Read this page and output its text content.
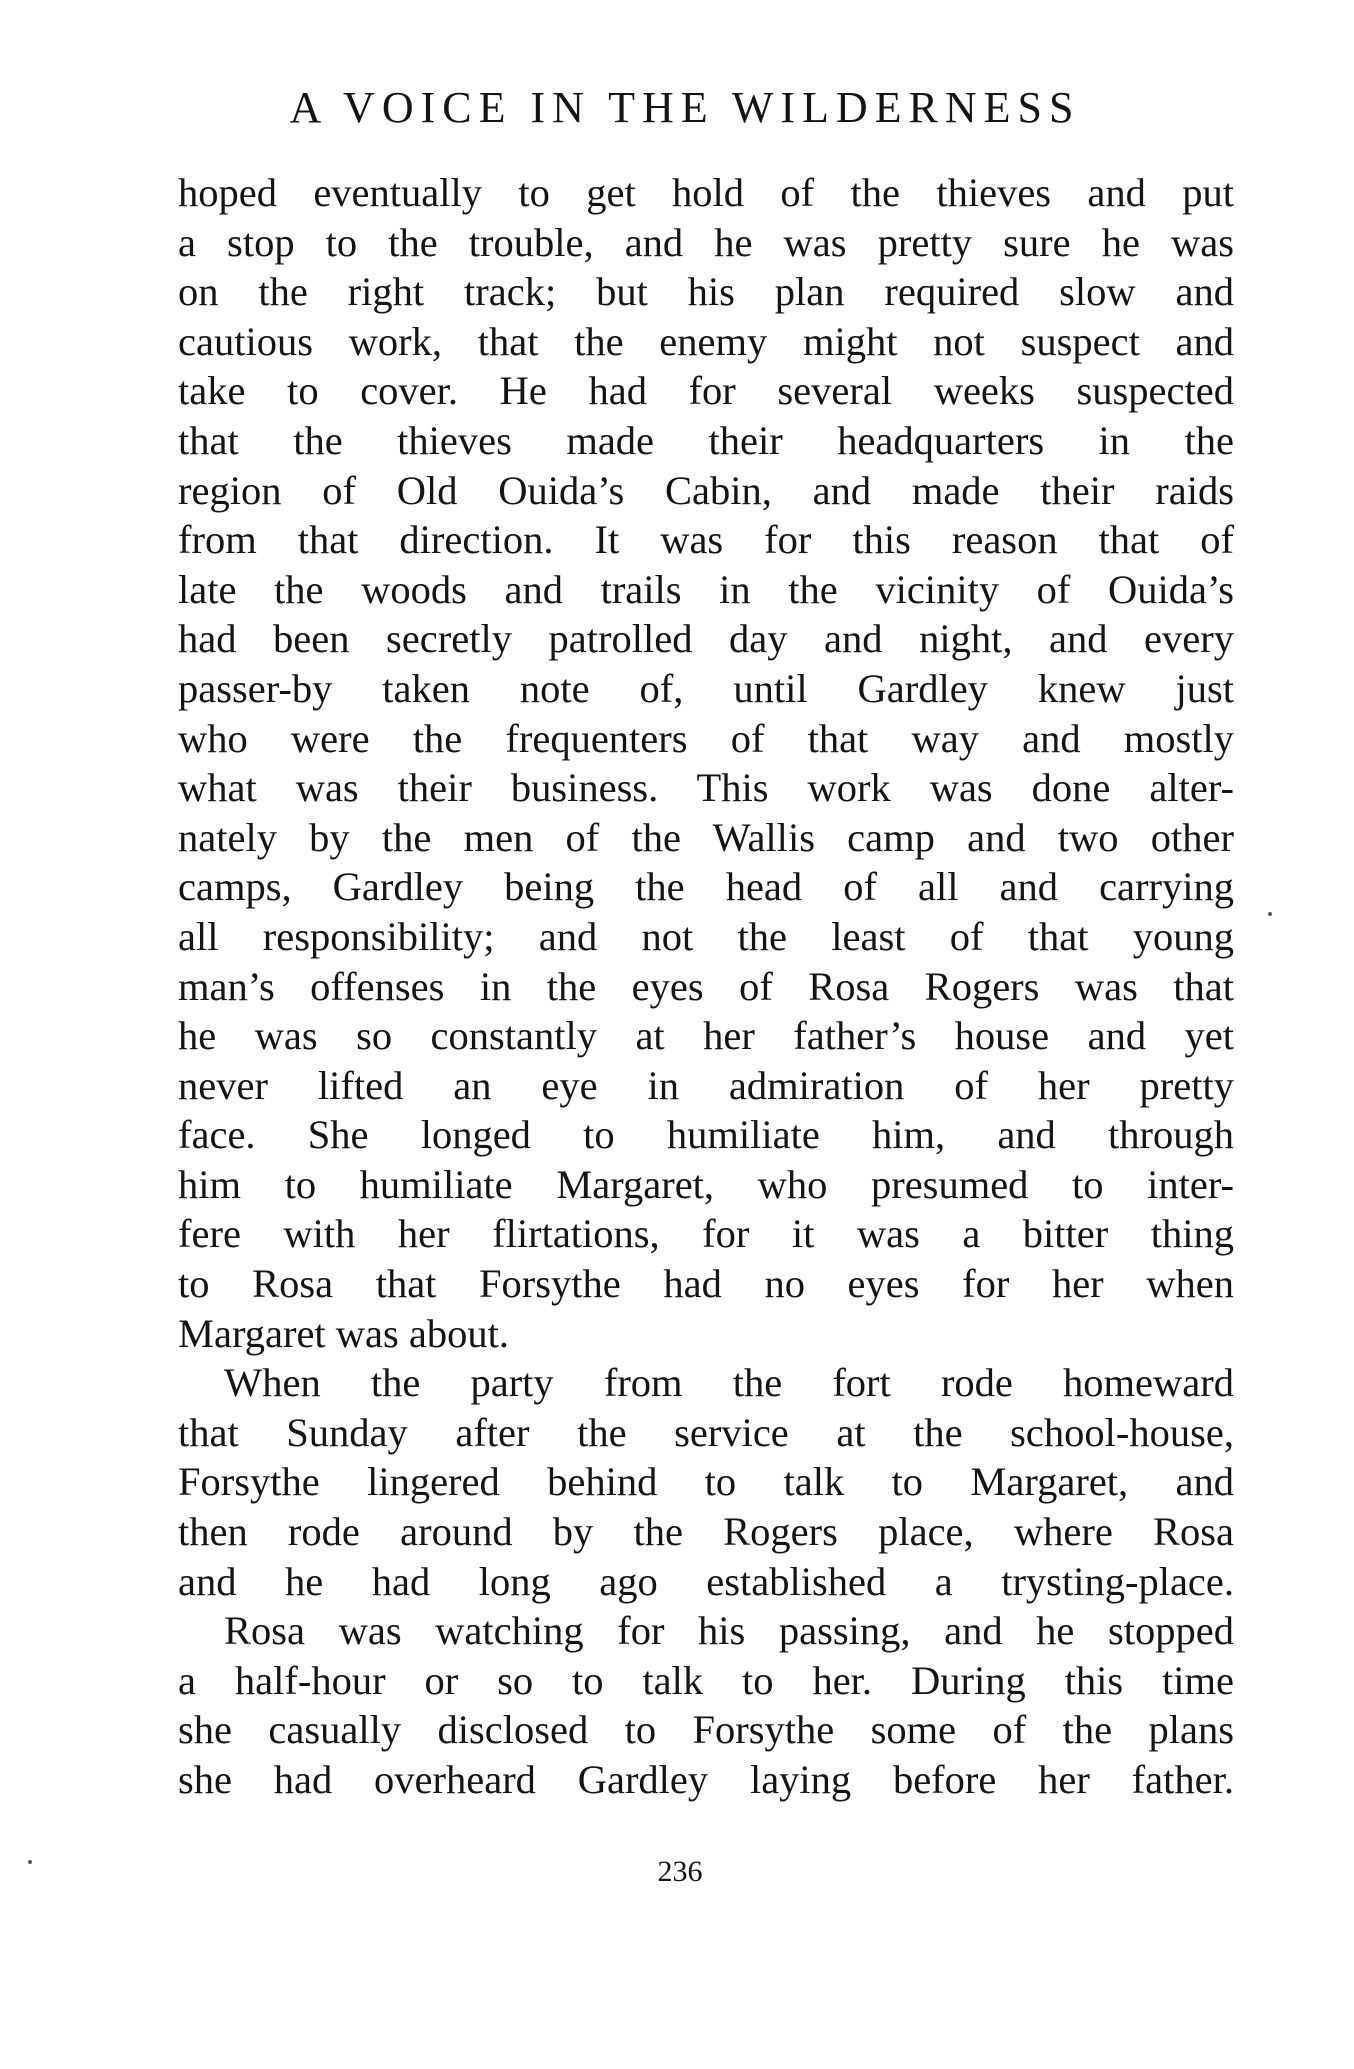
A VOICE IN THE WILDERNESS
hoped eventually to get hold of the thieves and put
a stop to the trouble, and he was pretty sure he was
on the right track; but his plan required slow and
cautious work, that the enemy might not suspect and
take to cover. He had for several weeks suspected
that the thieves made their headquarters in the
region of Old Ouida’s Cabin, and made their raids
from that direction. It was for this reason that of
late the woods and trails in the vicinity of Ouida’s
had been secretly patrolled day and night, and every
passer-by taken note of, until Gardley knew just
who were the frequenters of that way and mostly
what was their business. This work was done alter-
nately by the men of the Wallis camp and two other
camps, Gardley being the head of all and carrying
all responsibility; and not the least of that young
man’s offenses in the eyes of Rosa Rogers was that
he was so constantly at her father’s house and yet
never lifted an eye in admiration of her pretty
face. She longed to humiliate him, and through
him to humiliate Margaret, who presumed to inter-
fere with her flirtations, for it was a bitter thing
to Rosa that Forsythe had no eyes for her when
Margaret was about.
When the party from the fort rode homeward
that Sunday after the service at the school-house,
Forsythe lingered behind to talk to Margaret, and
then rode around by the Rogers place, where Rosa
and he had long ago established a trysting-place.
Rosa was watching for his passing, and he stopped
a half-hour or so to talk to her. During this time
she casually disclosed to Forsythe some of the plans
she had overheard Gardley laying before her father.
236
